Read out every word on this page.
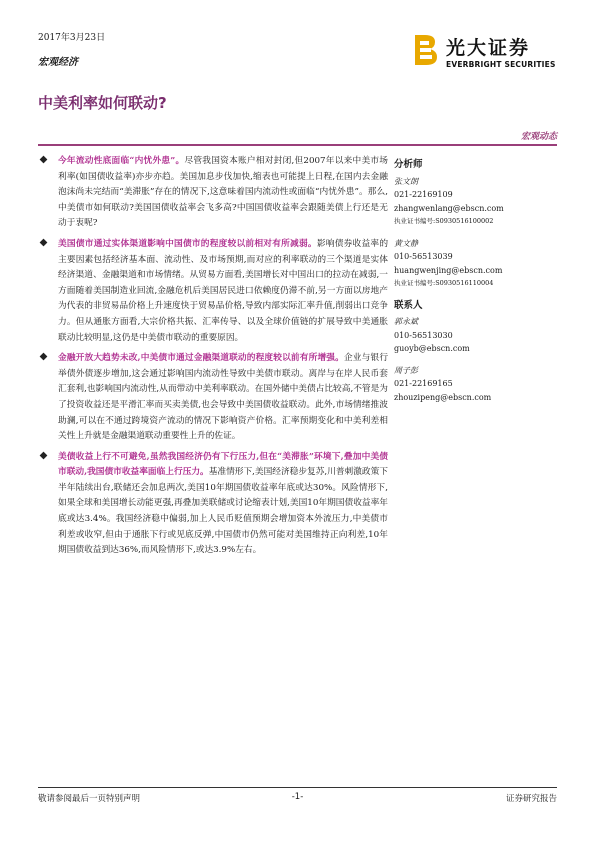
2017年3月23日
宏观经济
光大证券
EVERBRIGHT SECURITIES
中美利率如何联动?
宏观动态
今年流动性底面临“内忧外患”。尽管我国资本账户相对封闭,但2007年以来中美市场利率(如国债收益率)亦步亦趋。美国加息步伐加快,缩表也可能提上日程,在国内去金融泡沫尚未完结而“美滞胀”存在的情况下,这意味着国内流动性或面临“内忧外患”。那么,中美债市如何联动?美国国债收益率会飞多高?中国国债收益率会跟随美债上行还是无动于衷呢?
美国债市通过实体渠道影响中国债市的程度较以前相对有所减弱。影响债券收益率的主要因素包括经济基本面、流动性、及市场预期,而对应的利率联动的三个渠道是实体经济渠道、金融渠道和市场情绪。从贸易方面看,美国增长对中国出口的拉动在减弱,一方面随着美国制造业回流,金融危机后美国居民进口依赖度仍滞不前,另一方面以房地产为代表的非贸易品价格上升速度快于贸易品价格,导致内部实际汇率升值,削弱出口竞争力。但从通胀方面看,大宗价格共振、汇率传导、以及全球价值链的扩展导致中美通胀联动比较明显,这仍是中美债市联动的重要原因。
金融开放大趋势未改,中美债市通过金融渠道联动的程度较以前有所增强。企业与银行举债外债逐步增加,这会通过影响国内流动性导致中美债市联动。离岸与在岸人民币套汇套利,也影响国内流动性,从而带动中美利率联动。在国外储中美债占比较高,不管是为了投资收益还是平滑汇率而买卖美债,也会导致中美国债收益联动。此外,市场情绪推波助澜,可以在不通过跨境资产流动的情况下影响资产价格。汇率预期变化和中美利差相关性上升就是金融渠道联动重要性上升的佐证。
美债收益上行不可避免,虽然我国经济仍有下行压力,但在“美滞胀”环境下,叠加中美债市联动,我国债市收益率面临上行压力。基准情形下,美国经济稳步复苏,川普刺激政策下半年陆续出台,联储还会加息两次,美国10年期国债收益率年底或达30%。风险情形下,如果全球和美国增长动能更强,再叠加美联储或讨论缩表计划,美国10年期国债收益率年底或达3.4%。我国经济稳中偏弱,加上人民币贬值预期会增加资本外流压力,中美债市利差或收窄,但由于通胀下行或见底反弹,中国债市仍然可能对美国维持正向利差,10年期国债收益到达36%,而风险情形下,或达3.9%左右。
分析师
张文朗
021-22169109
zhangwenlang@ebscn.com
执业证书编号:S0930516100002
黄文静
010-56513039
huangwenjing@ebscn.com
执业证书编号:S0930516110004
联系人
郭永斌
010-56513030
guoyb@ebscn.com
周子彭
021-22169165
zhouzipeng@ebscn.com
敬请参阅最后一页特别声明	-1-	证券研究报告
